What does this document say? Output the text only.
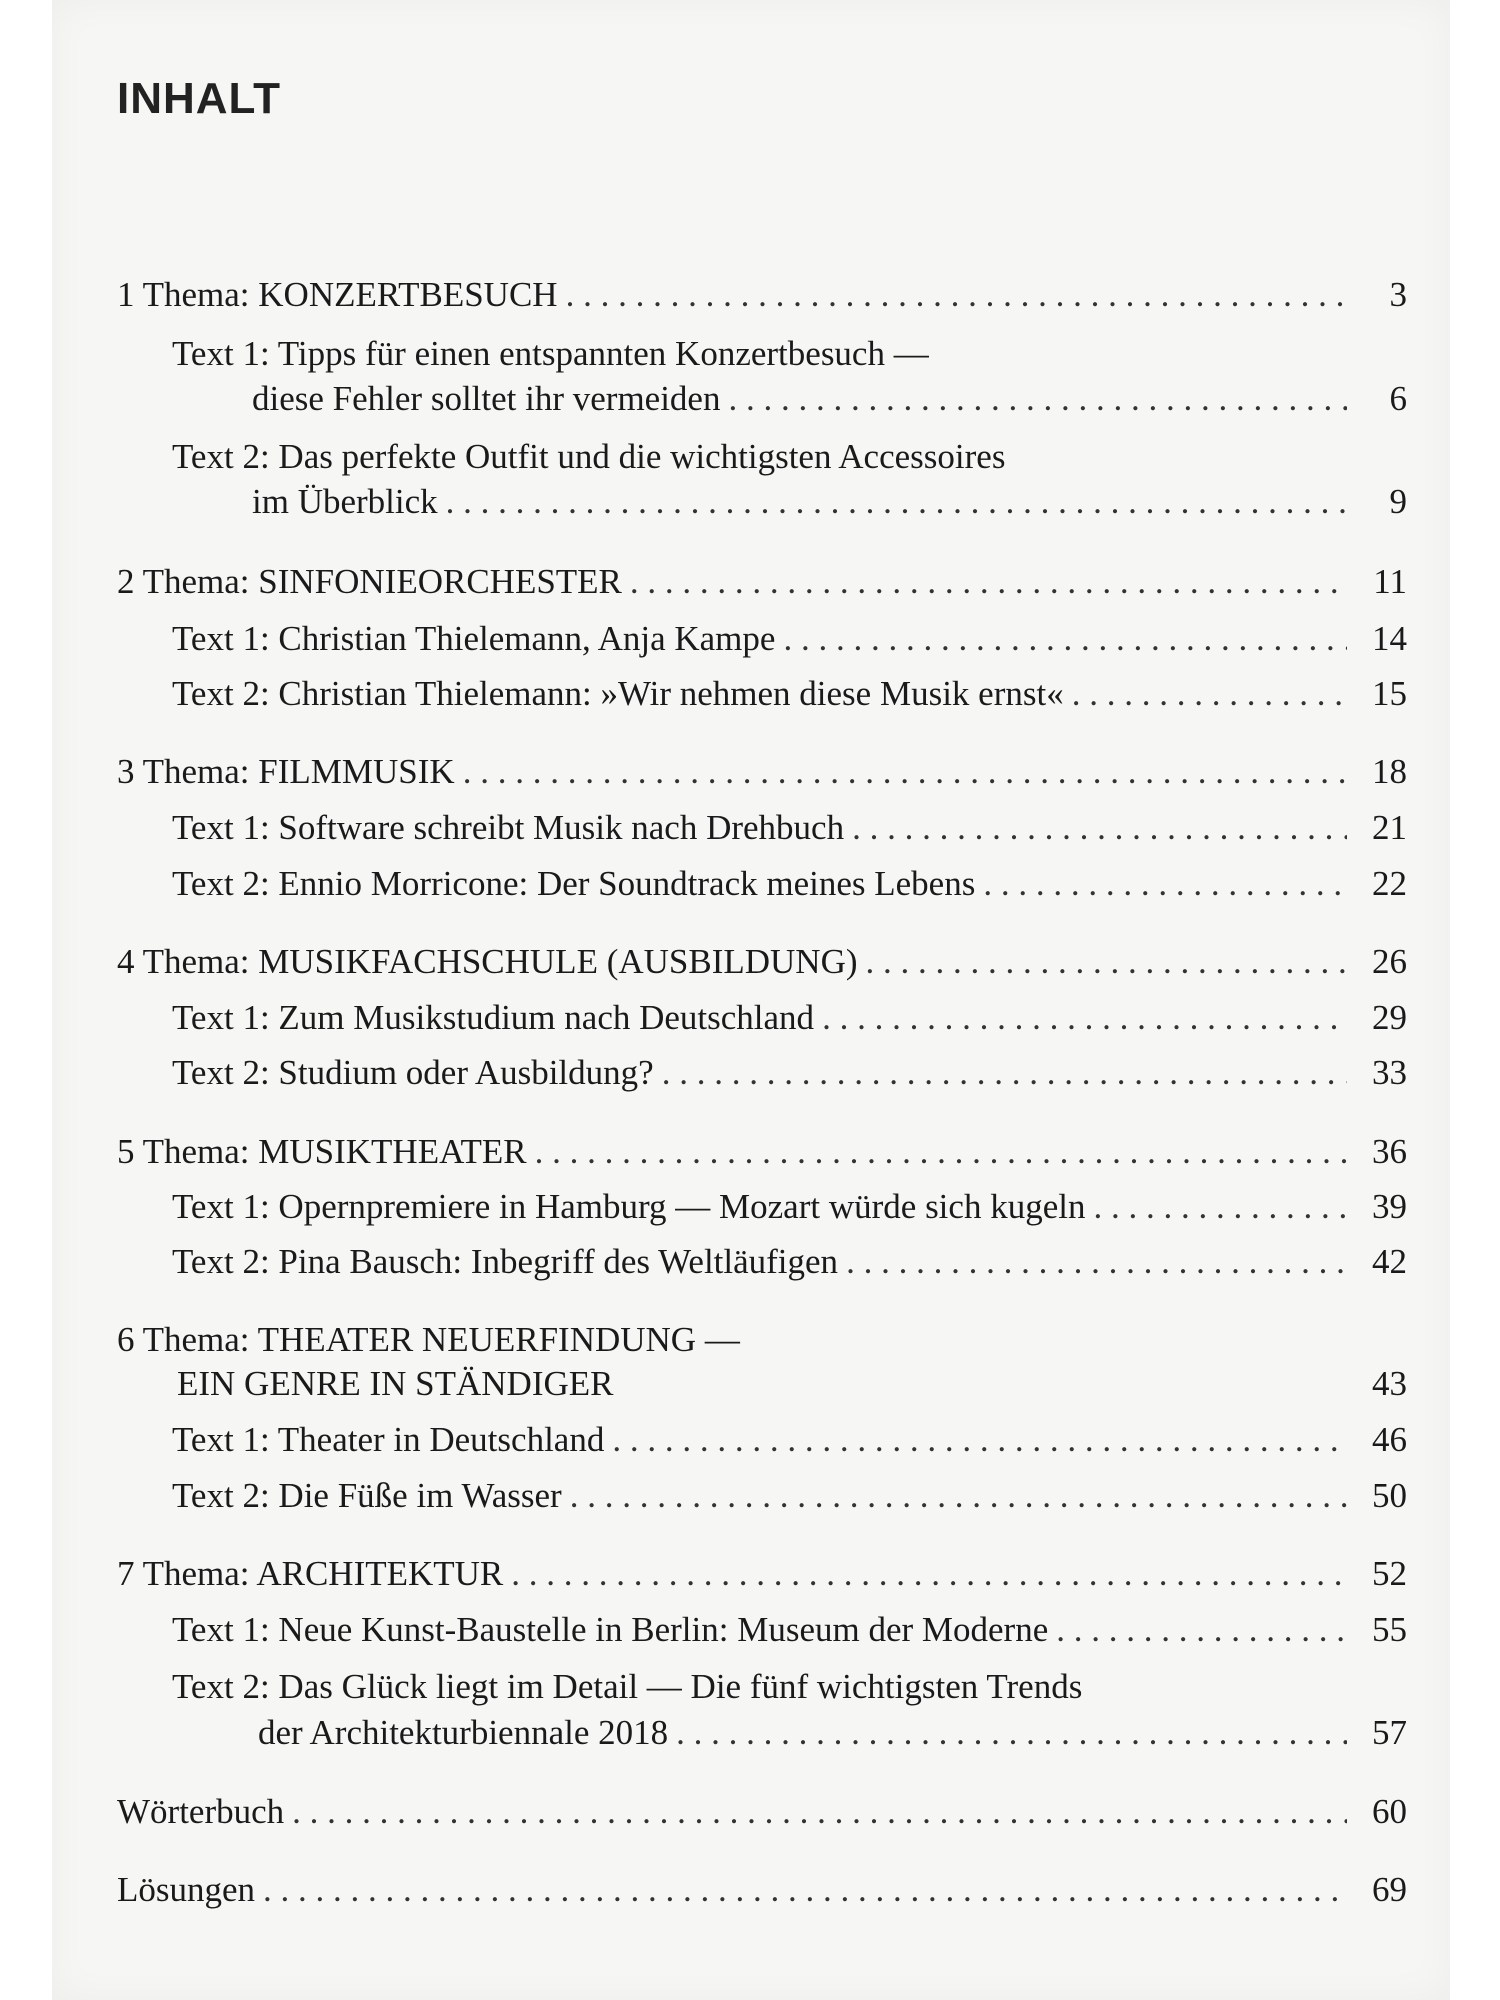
INHALT
1 Thema: KONZERTBESUCH . . .	3
Text 1: Tipps für einen entspannten Konzertbesuch —
diese Fehler solltet ihr vermeiden . . .	6
Text 2: Das perfekte Outfit und die wichtigsten Accessoires
im Überblick . . .	9
2 Thema: SINFONIEORCHESTER . . .	11
Text 1: Christian Thielemann, Anja Kampe . . .	14
Text 2: Christian Thielemann: »Wir nehmen diese Musik ernst« . . .	15
3 Thema: FILMMUSIK . . .	18
Text 1: Software schreibt Musik nach Drehbuch . . .	21
Text 2: Ennio Morricone: Der Soundtrack meines Lebens . . .	22
4 Thema: MUSIKFACHSCHULE (AUSBILDUNG) . . .	26
Text 1: Zum Musikstudium nach Deutschland . . .	29
Text 2: Studium oder Ausbildung? . . .	33
5 Thema: MUSIKTHEATER . . .	36
Text 1: Opernpremiere in Hamburg — Mozart würde sich kugeln . . .	39
Text 2: Pina Bausch: Inbegriff des Weltläufigen . . .	42
6 Thema: THEATER NEUERFINDUNG —
EIN GENRE IN STÄNDIGER	43
Text 1: Theater in Deutschland . . .	46
Text 2: Die Füße im Wasser . . .	50
7 Thema: ARCHITEKTUR . . .	52
Text 1: Neue Kunst-Baustelle in Berlin: Museum der Moderne . . .	55
Text 2: Das Glück liegt im Detail — Die fünf wichtigsten Trends
der Architekturbiennale 2018 . . .	57
Wörterbuch . . .	60
Lösungen . . .	69
